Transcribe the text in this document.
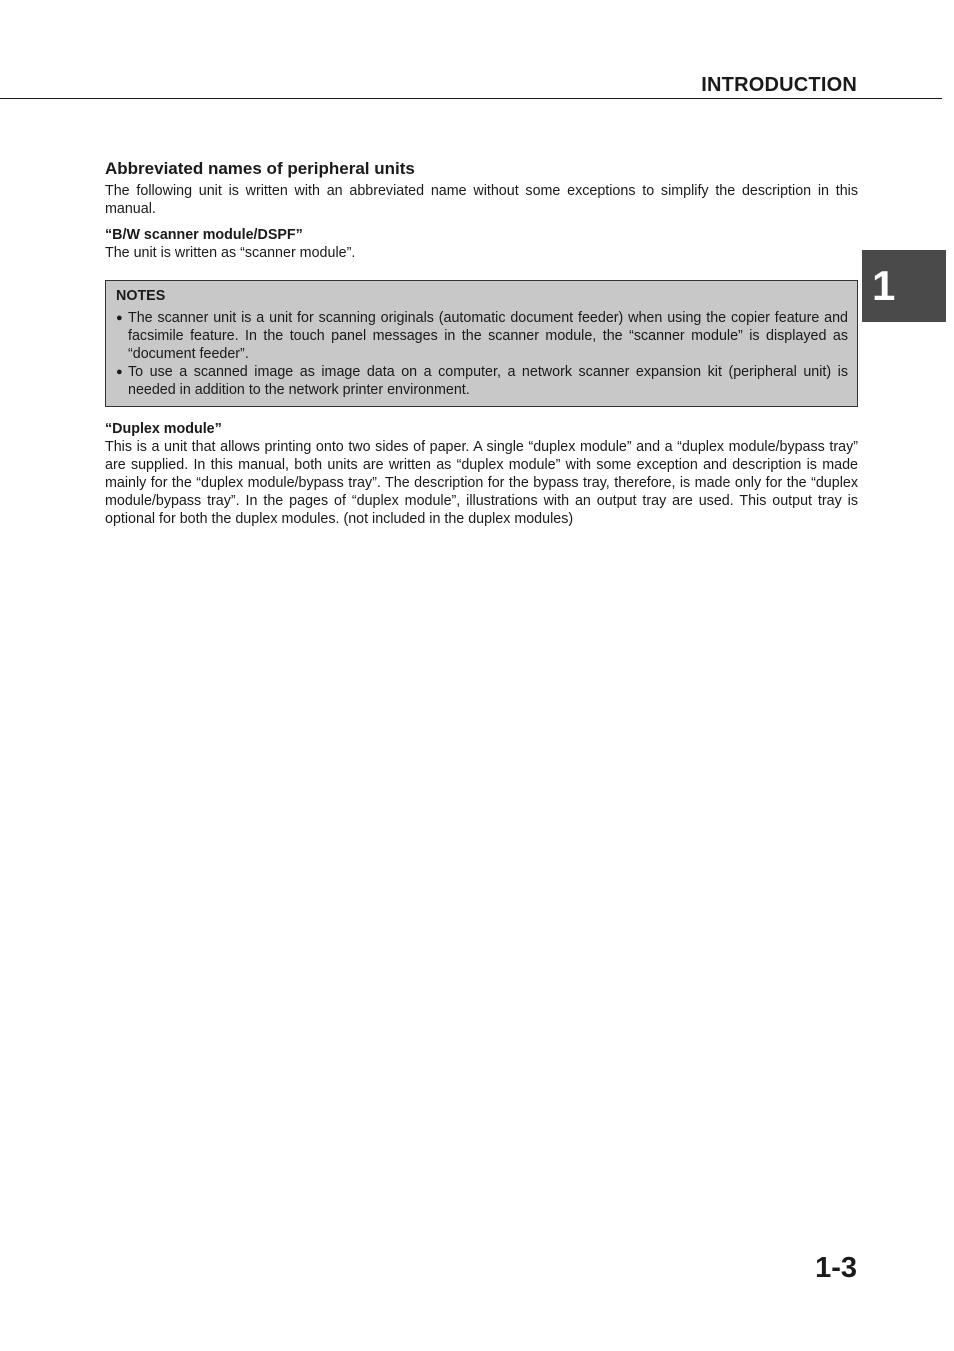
INTRODUCTION
1
Abbreviated names of peripheral units

The following unit is written with an abbreviated name without some exceptions to simplify the description in this manual.

“B/W scanner module/DSPF”

The unit is written as “scanner module”.

NOTES
● The scanner unit is a unit for scanning originals (automatic document feeder) when using the copier feature and facsimile feature. In the touch panel messages in the scanner module, the “scanner module” is displayed as “document feeder”.
● To use a scanned image as image data on a computer, a network scanner expansion kit (peripheral unit) is needed in addition to the network printer environment.
“Duplex module”

This is a unit that allows printing onto two sides of paper. A single “duplex module” and a “duplex module/bypass tray” are supplied. In this manual, both units are written as “duplex module” with some exception and description is made mainly for the “duplex module/bypass tray”. The description for the bypass tray, therefore, is made only for the “duplex module/bypass tray”. In the pages of “duplex module”, illustrations with an output tray are used. This output tray is optional for both the duplex modules. (not included in the duplex modules)

1-3
